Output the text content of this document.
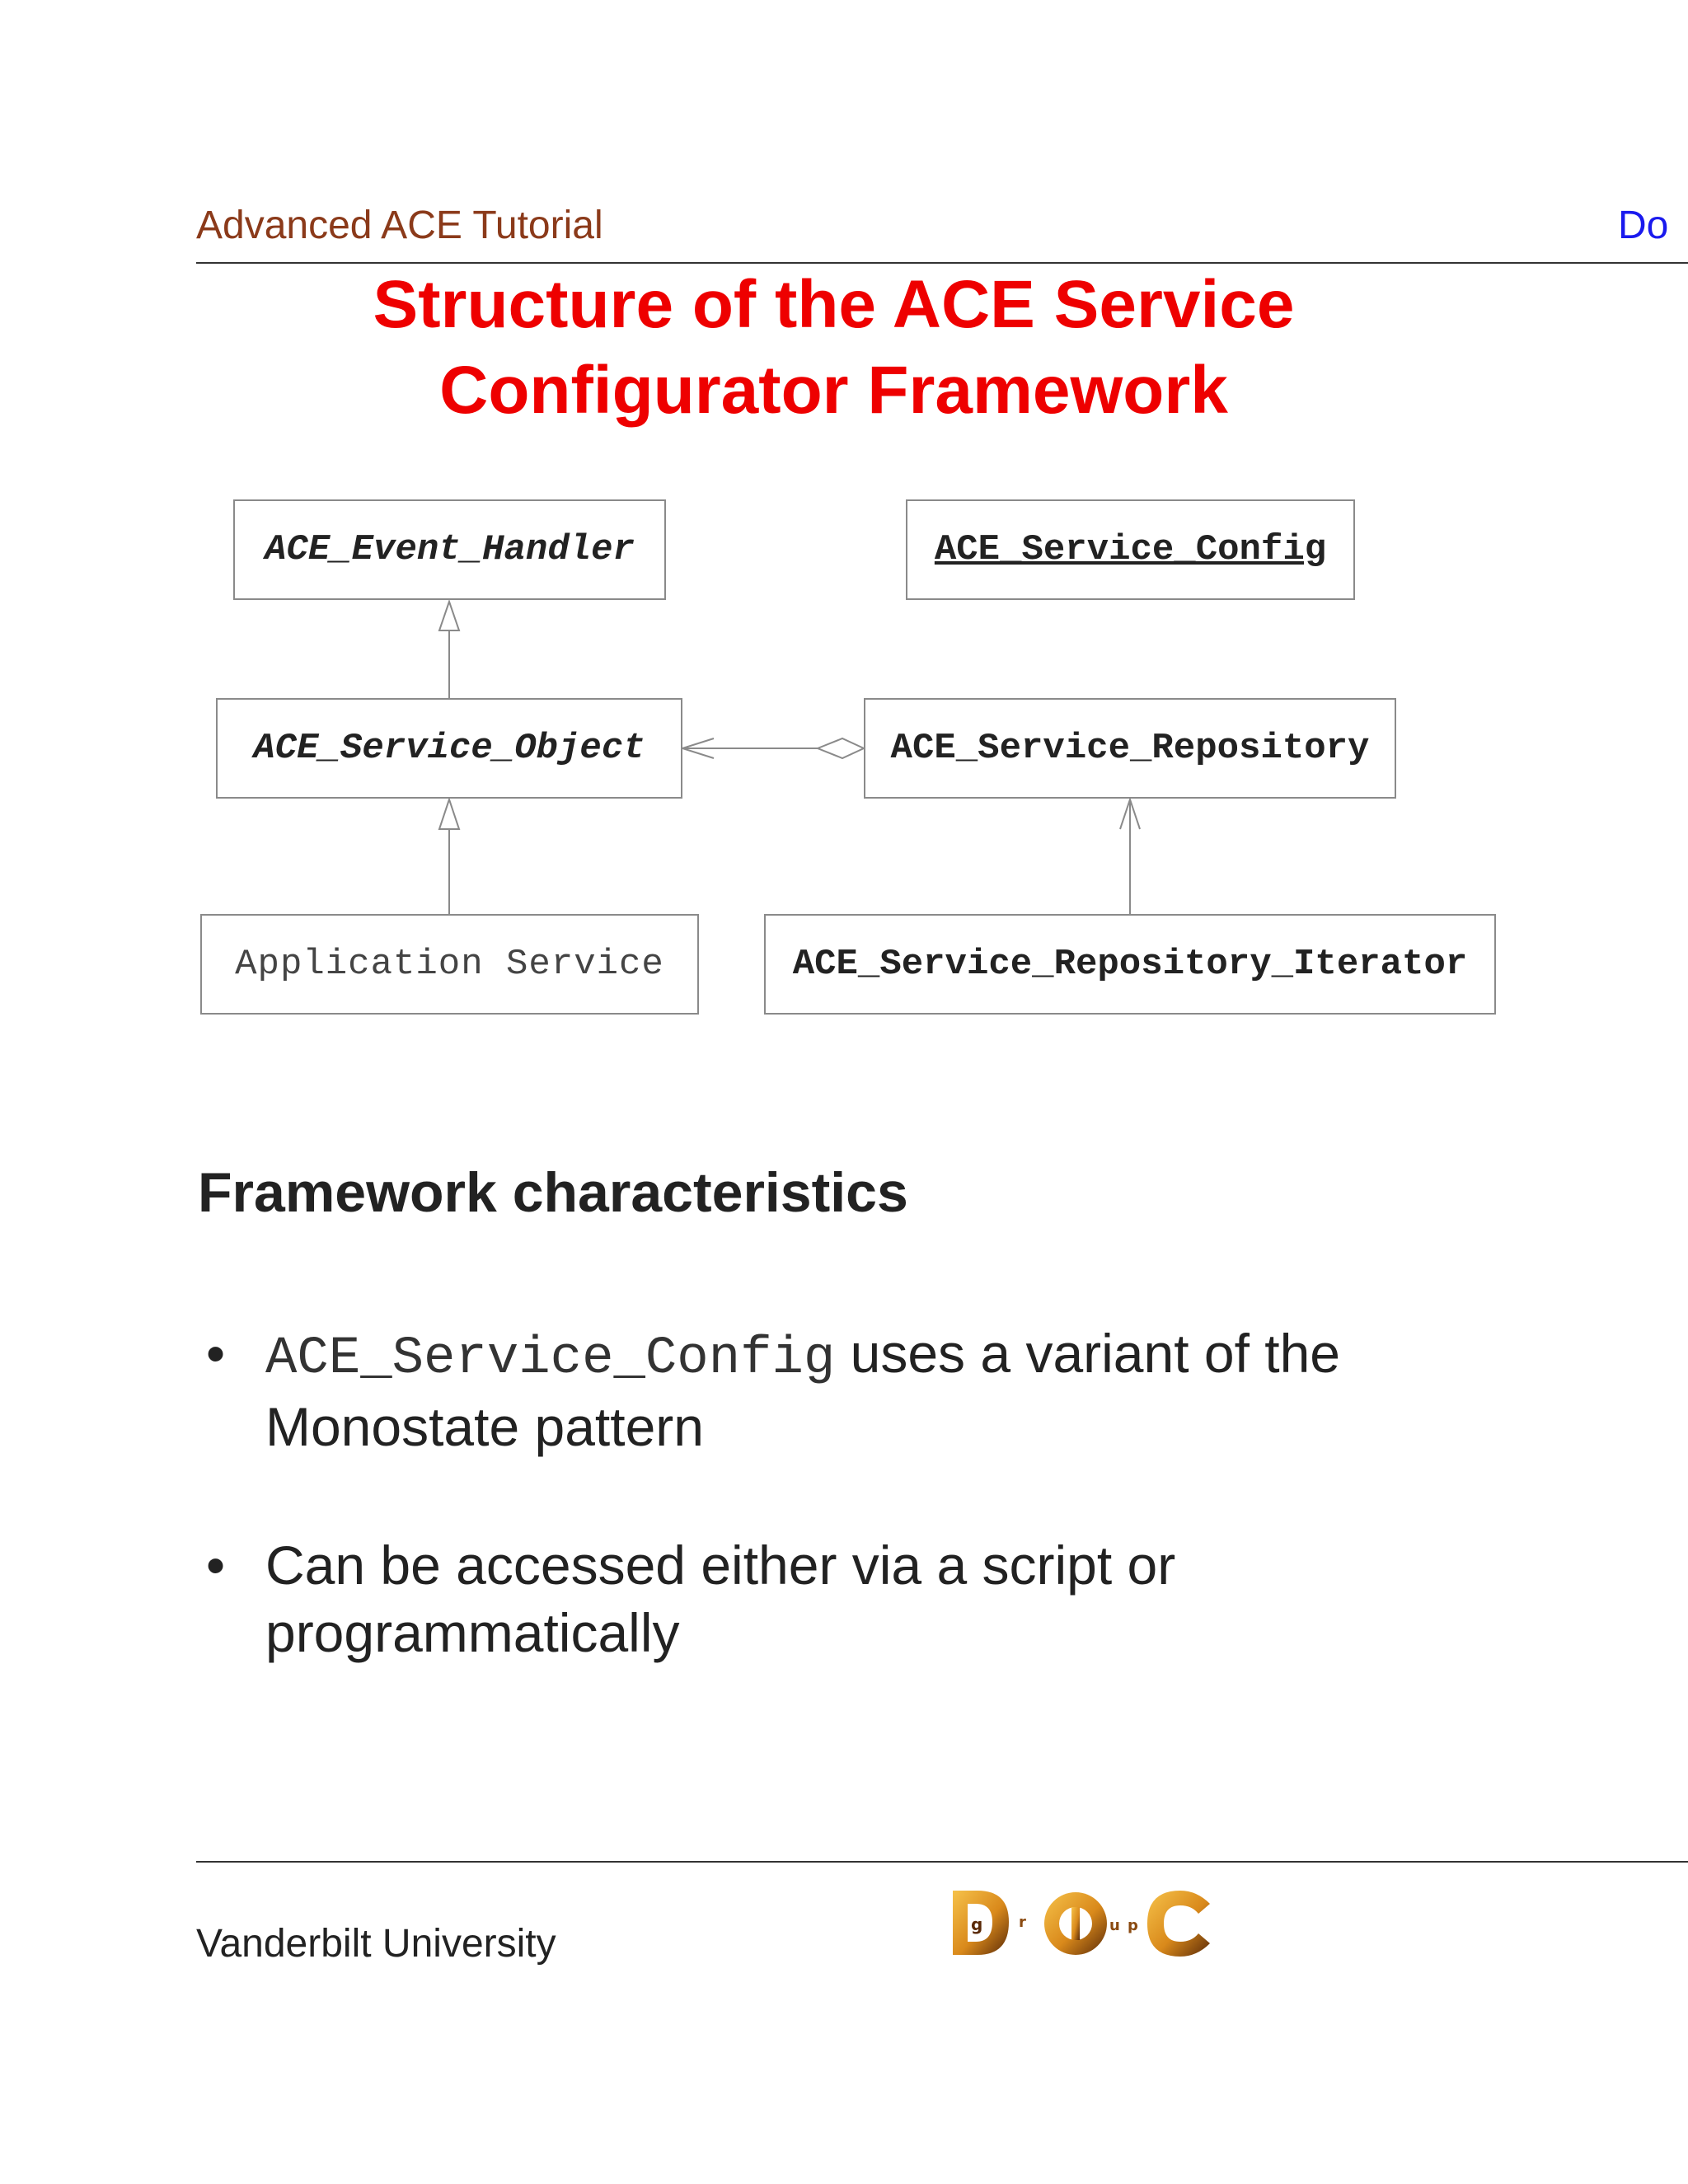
Advanced ACE Tutorial	Do
Structure of the ACE Service
Configurator Framework
ACE_Event_Handler	ACE_Service_Config
ACE_Service_Object	ACE_Service_Repository
Application Service	ACE_Service_Repository_Iterator
Framework characteristics
• ACE_Service_Config uses a variant of the
Monostate pattern
• Can be accessed either via a script or
programmatically
Vanderbilt University	g r	u p
